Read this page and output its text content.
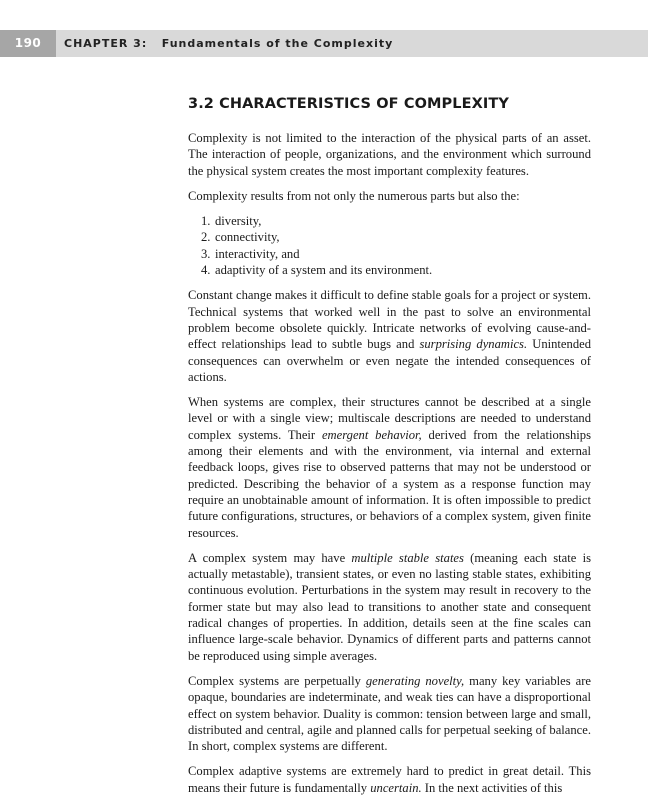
190	CHAPTER 3: Fundamentals of the Complexity
3.2 CHARACTERISTICS OF COMPLEXITY

Complexity is not limited to the interaction of the physical parts of an asset. The interaction of people, organizations, and the environment which surround the physical system creates the most important complexity features.

Complexity results from not only the numerous parts but also the:

1. diversity,
2. connectivity,
3. interactivity, and
4. adaptivity of a system and its environment.

Constant change makes it difficult to define stable goals for a project or system. Technical systems that worked well in the past to solve an environmental problem become obsolete quickly. Intricate networks of evolving cause-and-effect relationships lead to subtle bugs and surprising dynamics. Unintended consequences can overwhelm or even negate the intended consequences of actions.

When systems are complex, their structures cannot be described at a single level or with a single view; multiscale descriptions are needed to understand complex systems. Their emergent behavior, derived from the relationships among their elements and with the environment, via internal and external feedback loops, gives rise to observed patterns that may not be understood or predicted. Describing the behavior of a system as a response function may require an unobtainable amount of information. It is often impossible to predict future configurations, structures, or behaviors of a complex system, given finite resources.

A complex system may have multiple stable states (meaning each state is actually metastable), transient states, or even no lasting stable states, exhibiting continuous evolution. Perturbations in the system may result in recovery to the former state but may also lead to transitions to another state and consequent radical changes of properties. In addition, details seen at the fine scales can influence large-scale behavior. Dynamics of different parts and patterns cannot be reproduced using simple averages.

Complex systems are perpetually generating novelty, many key variables are opaque, boundaries are indeterminate, and weak ties can have a disproportional effect on system behavior. Duality is common: tension between large and small, distributed and central, agile and planned calls for perpetual seeking of balance. In short, complex systems are different.

Complex adaptive systems are extremely hard to predict in great detail. This means their future is fundamentally uncertain. In the next activities of this
